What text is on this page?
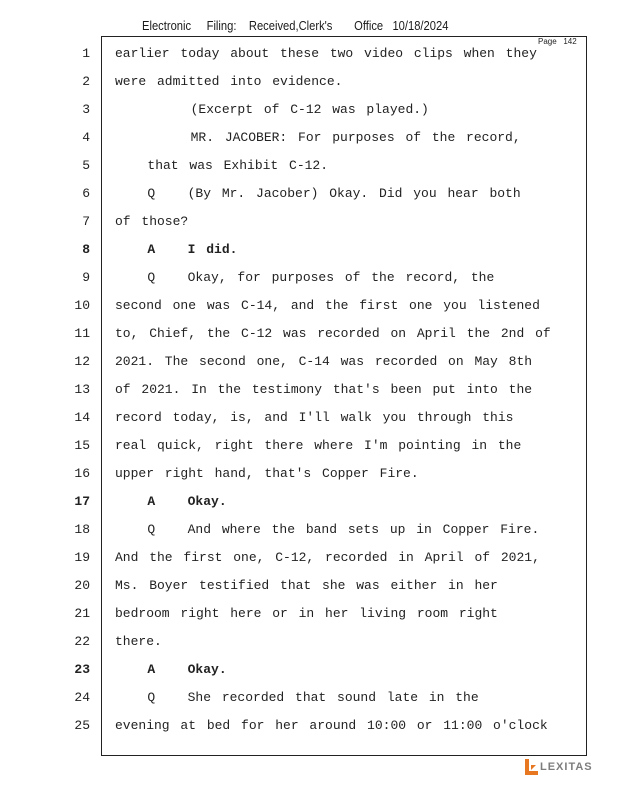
Electronic     Filing:    Received,Clerk's       Office   10/18/2024
Page   142
1 earlier today about these two video clips when they
2 were admitted into evidence.
3 (Excerpt of C-12 was played.)
4 MR. JACOBER: For purposes of the record,
5 that was Exhibit C-12.
6 Q   (By Mr. Jacober) Okay. Did you hear both
7 of those?
8 A   I did.
9 Q   Okay, for purposes of the record, the
10 second one was C-14, and the first one you listened
11 to, Chief, the C-12 was recorded on April the 2nd of
12 2021. The second one, C-14 was recorded on May 8th
13 of 2021. In the testimony that's been put into the
14 record today, is, and I'll walk you through this
15 real quick, right there where I'm pointing in the
16 upper right hand, that's Copper Fire.
17 A   Okay.
18 Q   And where the band sets up in Copper Fire.
19 And the first one, C-12, recorded in April of 2021,
20 Ms. Boyer testified that she was either in her
21 bedroom right here or in her living room right
22 there.
23 A   Okay.
24 Q   She recorded that sound late in the
25 evening at bed for her around 10:00 or 11:00 o'clock
LEXITAS
